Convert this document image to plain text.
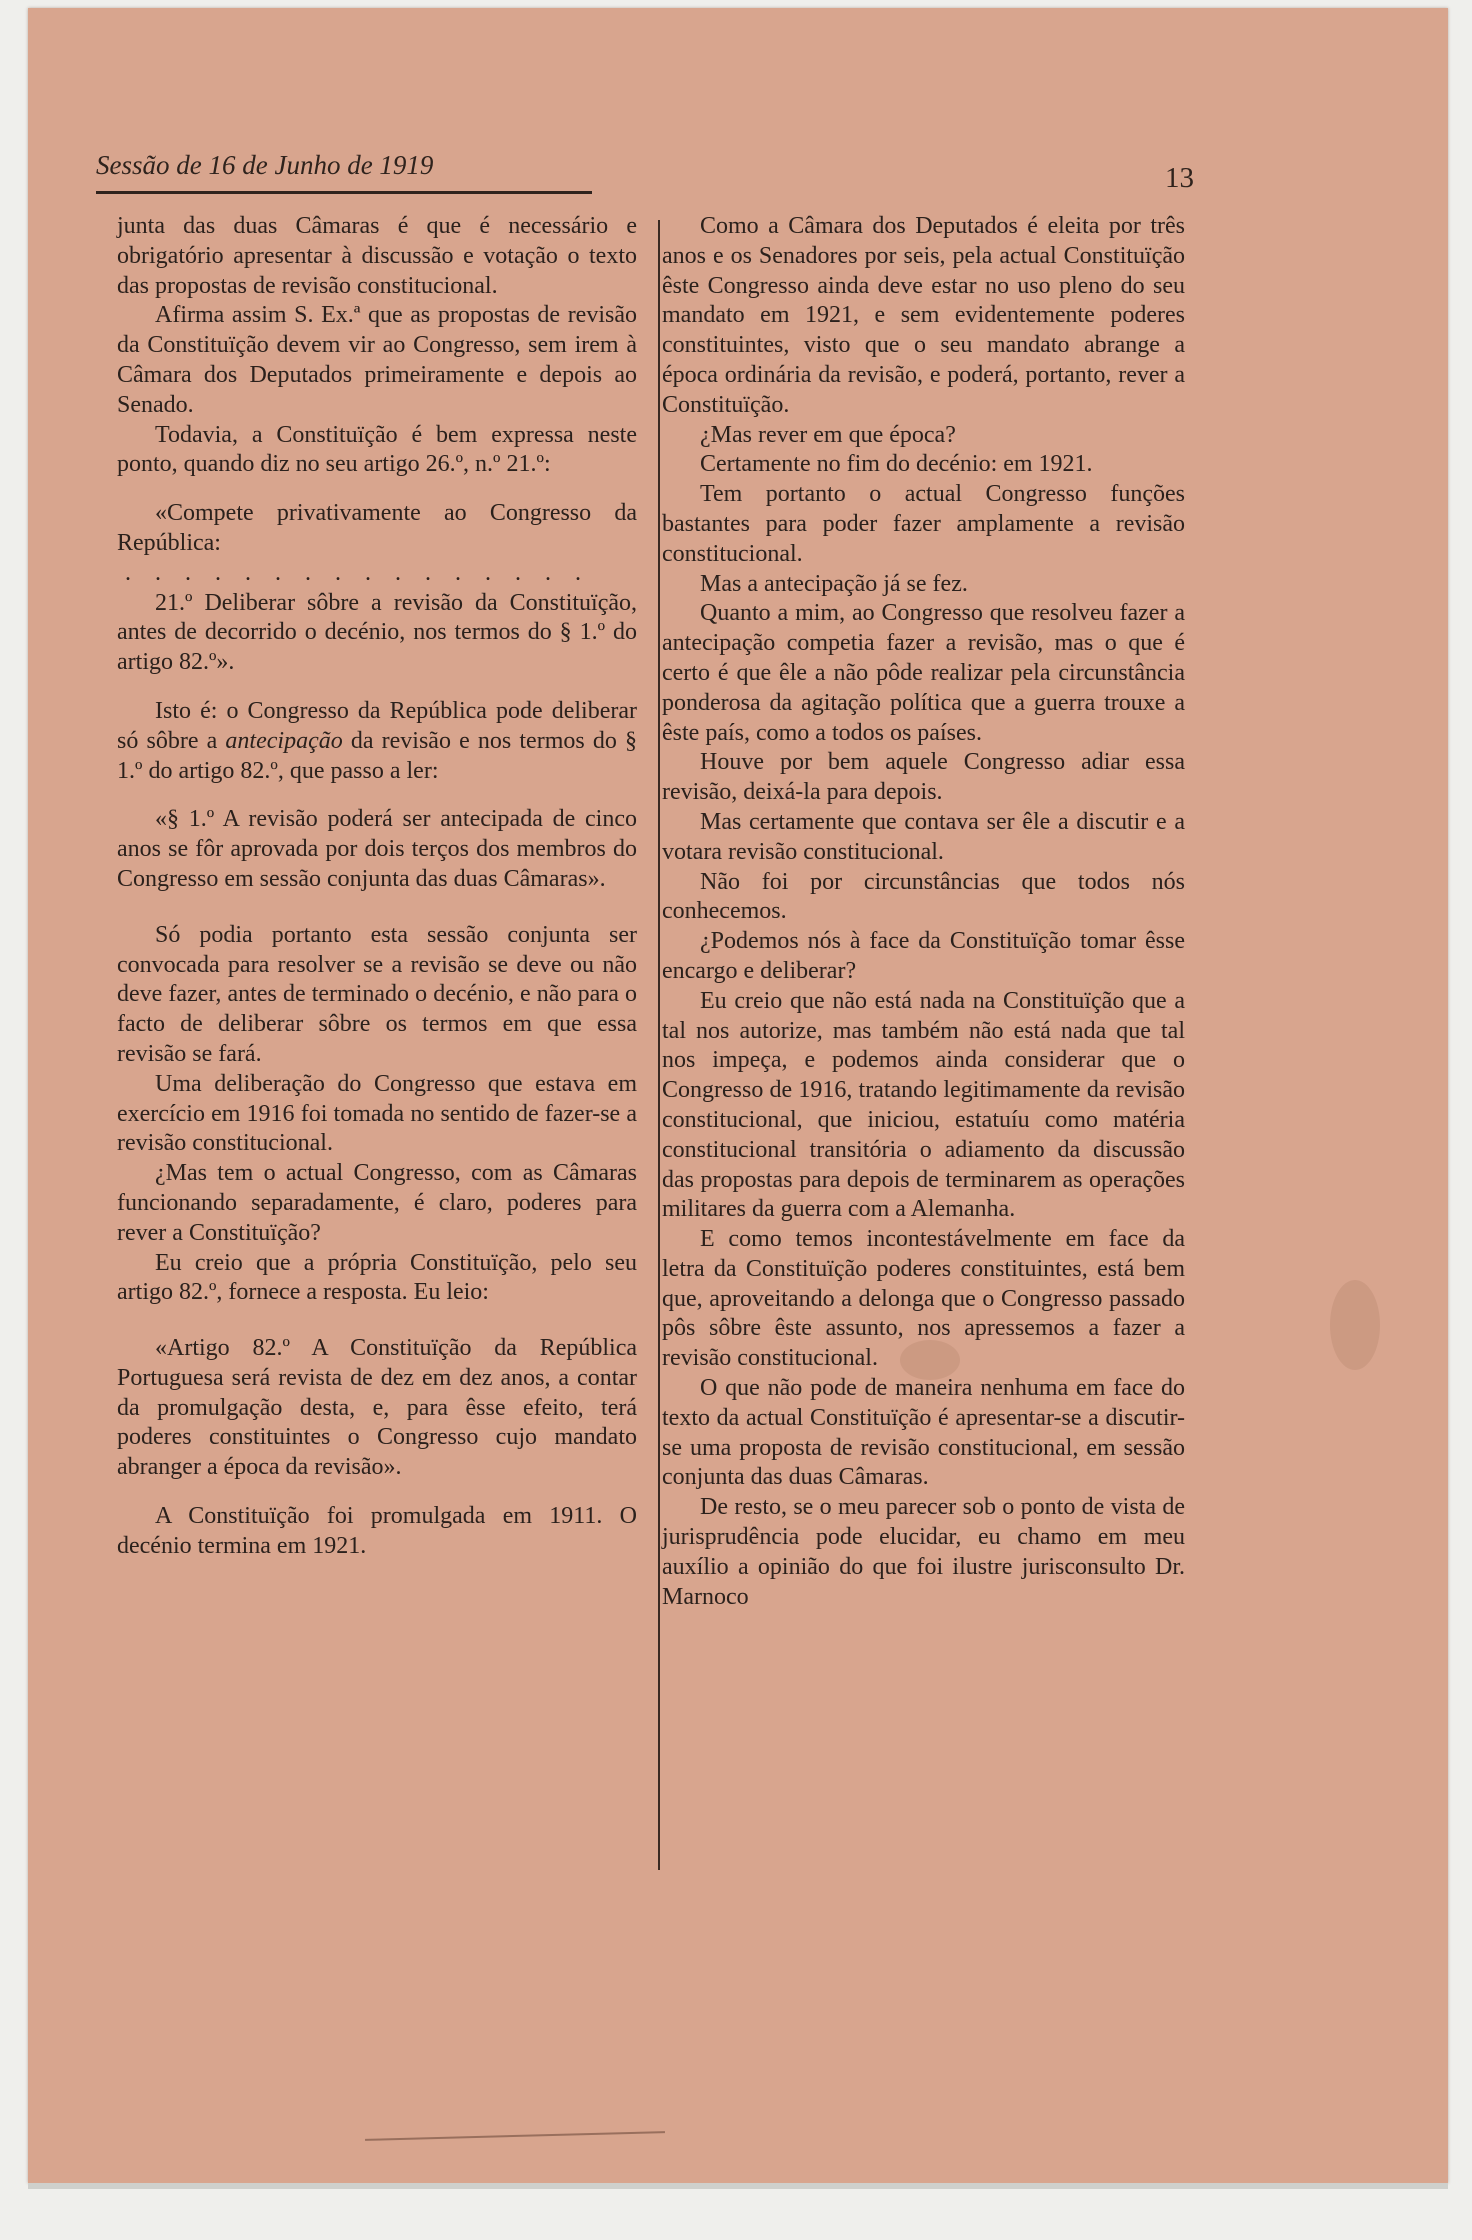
Sessão de 16 de Junho de 1919	13

junta das duas Câmaras é que é necessário e obrigatório apresentar à discussão e votação o texto das propostas de revisão constitucional.

Afirma assim S. Ex.ª que as propostas de revisão da Constituïção devem vir ao Congresso, sem irem à Câmara dos Deputados primeiramente e depois ao Senado.

Todavia, a Constituïção é bem expressa neste ponto, quando diz no seu artigo 26.º, n.º 21.º:

«Compete privativamente ao Congresso da República:

. . . . . . . . . . . . . . . .

21.º Deliberar sôbre a revisão da Constituïção, antes de decorrido o decénio, nos termos do § 1.º do artigo 82.º».

Isto é: o Congresso da República pode deliberar só sôbre a antecipação da revisão e nos termos do § 1.º do artigo 82.º, que passo a ler:

«§ 1.º A revisão poderá ser antecipada de cinco anos se fôr aprovada por dois terços dos membros do Congresso em sessão conjunta das duas Câmaras».

Só podia portanto esta sessão conjunta ser convocada para resolver se a revisão se deve ou não deve fazer, antes de terminado o decénio, e não para o facto de deliberar sôbre os termos em que essa revisão se fará.

Uma deliberação do Congresso que estava em exercício em 1916 foi tomada no sentido de fazer-se a revisão constitucional.

¿Mas tem o actual Congresso, com as Câmaras funcionando separadamente, é claro, poderes para rever a Constituïção?

Eu creio que a própria Constituïção, pelo seu artigo 82.º, fornece a resposta. Eu leio:

«Artigo 82.º A Constituïção da República Portuguesa será revista de dez em dez anos, a contar da promulgação desta, e, para êsse efeito, terá poderes constituintes o Congresso cujo mandato abranger a época da revisão».

A Constituïção foi promulgada em 1911. O decénio termina em 1921.

Como a Câmara dos Deputados é eleita por três anos e os Senadores por seis, pela actual Constituïção êste Congresso ainda deve estar no uso pleno do seu mandato em 1921, e sem evidentemente poderes constituintes, visto que o seu mandato abrange a época ordinária da revisão, e poderá, portanto, rever a Constituïção.

¿Mas rever em que época?

Certamente no fim do decénio: em 1921.

Tem portanto o actual Congresso funções bastantes para poder fazer amplamente a revisão constitucional.

Mas a antecipação já se fez.

Quanto a mim, ao Congresso que resolveu fazer a antecipação competia fazer a revisão, mas o que é certo é que êle a não pôde realizar pela circunstância ponderosa da agitação política que a guerra trouxe a êste país, como a todos os países.

Houve por bem aquele Congresso adiar essa revisão, deixá-la para depois.

Mas certamente que contava ser êle a discutir e a votara revisão constitucional.

Não foi por circunstâncias que todos nós conhecemos.

¿Podemos nós à face da Constituïção tomar êsse encargo e deliberar?

Eu creio que não está nada na Constituïção que a tal nos autorize, mas também não está nada que tal nos impeça, e podemos ainda considerar que o Congresso de 1916, tratando legitimamente da revisão constitucional, que iniciou, estatuíu como matéria constitucional transitória o adiamento da discussão das propostas para depois de terminarem as operações militares da guerra com a Alemanha.

E como temos incontestávelmente em face da letra da Constituïção poderes constituintes, está bem que, aproveitando a delonga que o Congresso passado pôs sôbre êste assunto, nos apressemos a fazer a revisão constitucional.

O que não pode de maneira nenhuma em face do texto da actual Constituïção é apresentar-se a discutir-se uma proposta de revisão constitucional, em sessão conjunta das duas Câmaras.

De resto, se o meu parecer sob o ponto de vista de jurisprudência pode elucidar, eu chamo em meu auxílio a opinião do que foi ilustre jurisconsulto Dr. Marnoco
